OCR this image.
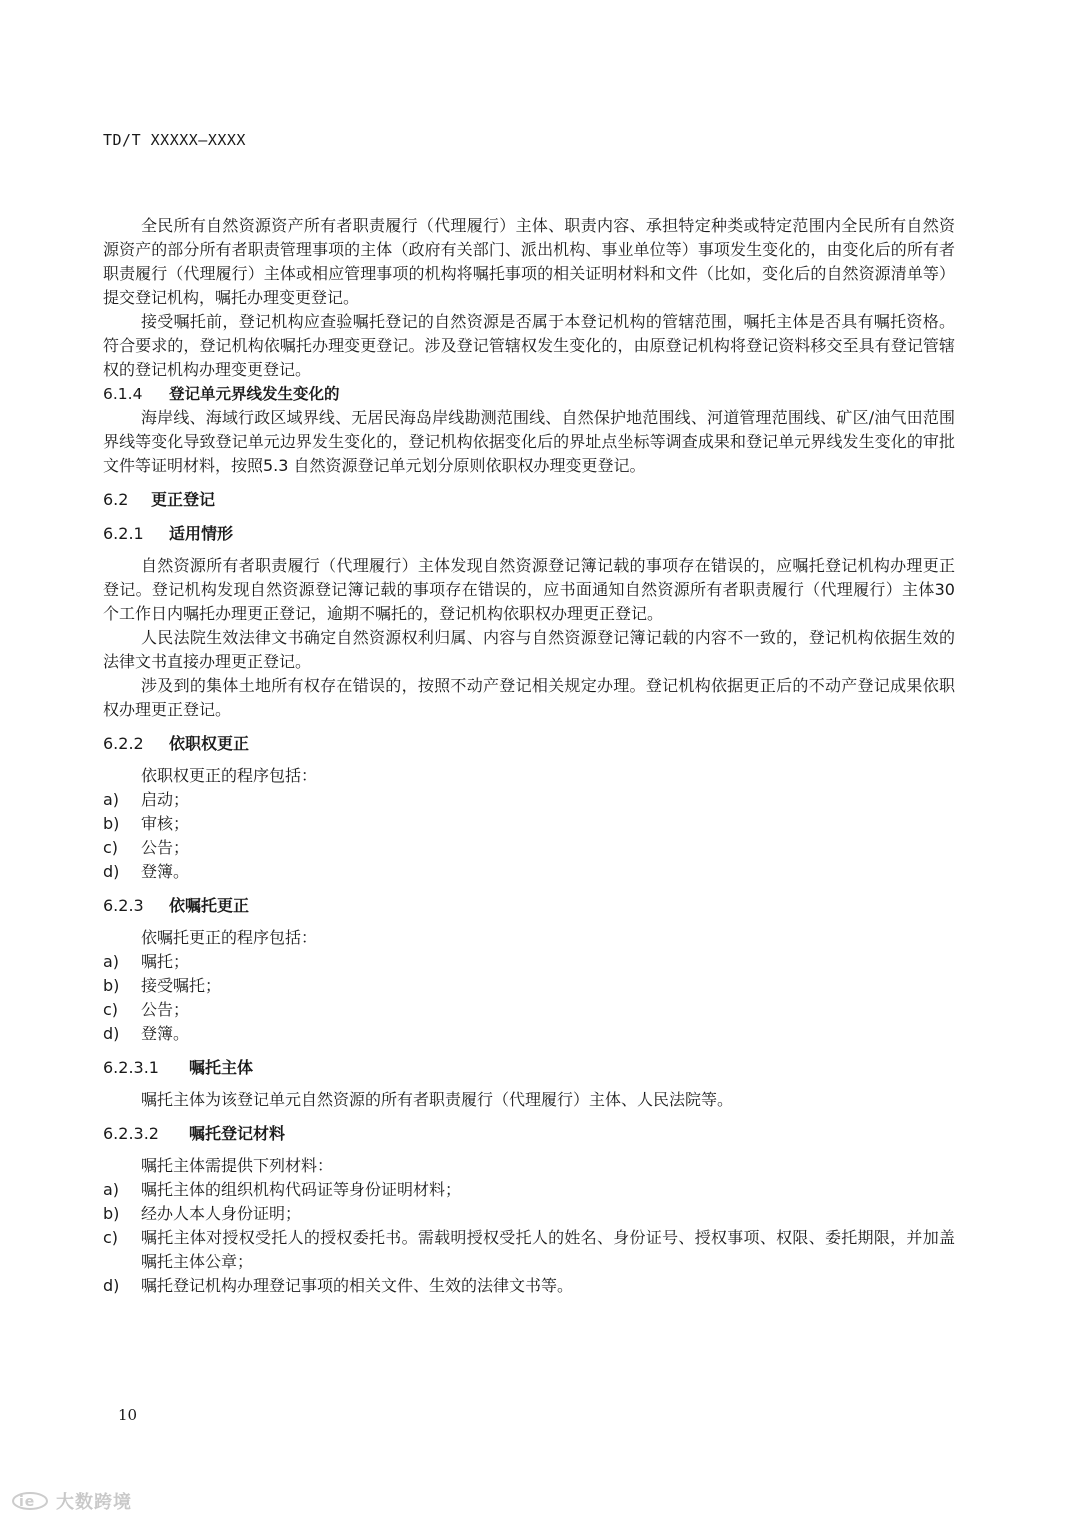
TD/T XXXXX—XXXX

全民所有自然资源资产所有者职责履行（代理履行）主体、职责内容、承担特定种类或特定范围内全民所有自然资源资产的部分所有者职责管理事项的主体（政府有关部门、派出机构、事业单位等）事项发生变化的，由变化后的所有者职责履行（代理履行）主体或相应管理事项的机构将嘱托事项的相关证明材料和文件（比如，变化后的自然资源清单等）提交登记机构，嘱托办理变更登记。

接受嘱托前，登记机构应查验嘱托登记的自然资源是否属于本登记机构的管辖范围，嘱托主体是否具有嘱托资格。符合要求的，登记机构依嘱托办理变更登记。涉及登记管辖权发生变化的，由原登记机构将登记资料移交至具有登记管辖权的登记机构办理变更登记。

6.1.4 登记单元界线发生变化的

海岸线、海域行政区域界线、无居民海岛岸线勘测范围线、自然保护地范围线、河道管理范围线、矿区/油气田范围界线等变化导致登记单元边界发生变化的，登记机构依据变化后的界址点坐标等调查成果和登记单元界线发生变化的审批文件等证明材料，按照5.3 自然资源登记单元划分原则依职权办理变更登记。

6.2 更正登记
6.2.1 适用情形

自然资源所有者职责履行（代理履行）主体发现自然资源登记簿记载的事项存在错误的，应嘱托登记机构办理更正登记。登记机构发现自然资源登记簿记载的事项存在错误的，应书面通知自然资源所有者职责履行（代理履行）主体30个工作日内嘱托办理更正登记，逾期不嘱托的，登记机构依职权办理更正登记。

人民法院生效法律文书确定自然资源权利归属、内容与自然资源登记簿记载的内容不一致的，登记机构依据生效的法律文书直接办理更正登记。

涉及到的集体土地所有权存在错误的，按照不动产登记相关规定办理。登记机构依据更正后的不动产登记成果依职权办理更正登记。

6.2.2 依职权更正

依职权更正的程序包括：

a)	启动；
b)	审核；
c)	公告；
d)	登簿。
6.2.3 依嘱托更正

依嘱托更正的程序包括：

a)	嘱托；
b)	接受嘱托；
c)	公告；
d)	登簿。
6.2.3.1 嘱托主体

嘱托主体为该登记单元自然资源的所有者职责履行（代理履行）主体、人民法院等。

6.2.3.2 嘱托登记材料

嘱托主体需提供下列材料：

a)	嘱托主体的组织机构代码证等身份证明材料；
b)	经办人本人身份证明；
c)	嘱托主体对授权受托人的授权委托书。需载明授权受托人的姓名、身份证号、授权事项、权限、委托期限，并加盖嘱托主体公章；
d)	嘱托登记机构办理登记事项的相关文件、生效的法律文书等。
10
ie 大数跨境
